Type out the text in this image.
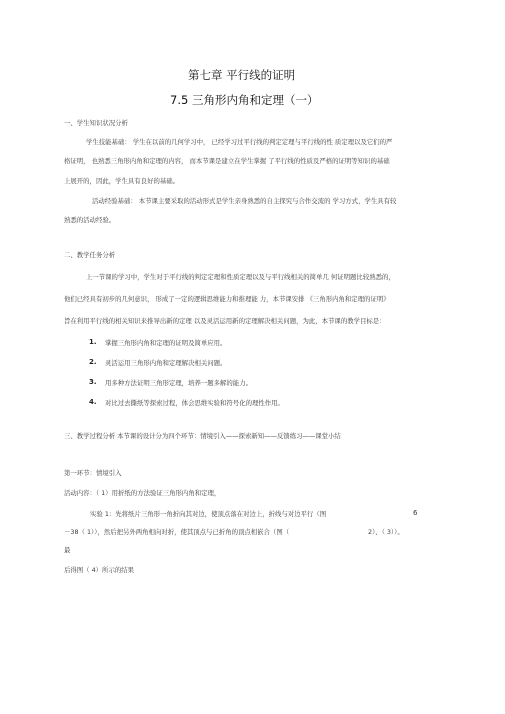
第七章 平行线的证明
7.5 三角形内角和定理（一）
一、学生知识状况分析
学生技能基础： 学生在以前的几何学习中， 已经学习过平行线的判定定理与平行线的性 质定理以及它们的严
格证明， 也熟悉三角形内角和定理的内容， 而本节课是建立在学生掌握 了平行线的性质及严格的证明等知识的基础
上展开的，因此，学生具有良好的基础。
活动经验基础： 本节课主要采取的活动形式是学生亲身熟悉的自主探究与合作交流的 学习方式，学生具有较
熟悉的活动经验。
二、教学任务分析
上一节课的学习中，学生对于平行线的判定定理和性质定理以及与平行线相关的简单几 何证明题比较熟悉的，
他们已经具有初步的几何意识， 形成了一定的逻辑思维能力和推理能 力，本节课安排 《三角形内角和定理的证明》
旨在利用平行线的相关知识来推导出新的定理 以及灵活运用新的定理解决相关问题，为此，本节课的教学目标是：
1. 掌握三角形内角和定理的证明及简单应用。
2. 灵活运用三角形内角和定理解决相关问题。
3. 用多种方法证明三角形定理，培养一题多解的能力。
4. 对比过去撕纸等探索过程，体会思维实验和符号化的理性作用。
三、教学过程分析 本节课的设计分为四个环节：情境引入——探索新知——反馈练习——课堂小结
第一环节：情境引入
活动内容：（ 1）用折纸的方法验证三角形内角和定理，
实验 1：先将纸片三角形一角折向其对边，使顶点落在对边上，折线与对边平行（图	6
－38（ 1）），然后把另外两角相向对折，使其顶点与已折角的顶点相嵌合（图（	2）、（ 3））。
最
后得图（ 4）所示的结果
